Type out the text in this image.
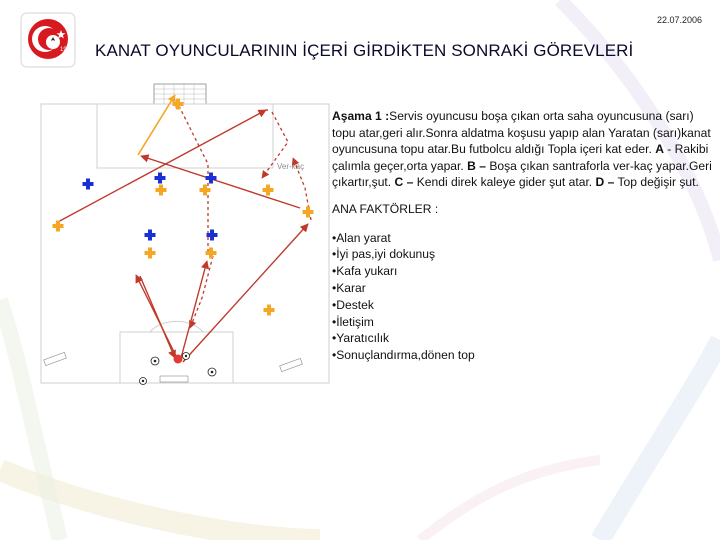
1923
22.07.2006
KANAT OYUNCULARININ İÇERİ GİRDİKTEN SONRAKİ GÖREVLERİ
Ver-kaç

Aşama 1 :Servis oyuncusu boşa çıkan orta saha oyuncusuna (sarı) topu atar,geri alır.Sonra aldatma koşusu yapıp alan Yaratan (sarı)kanat oyuncusuna topu atar.Bu futbolcu aldığı Topla içeri kat eder. A - Rakibi çalımla geçer,orta yapar. B – Boşa çıkan santraforla ver-kaç yapar.Geri çıkartır,şut. C – Kendi direk kaleye gider şut atar. D – Top değişir şut.

ANA FAKTÖRLER :

• Alan yarat
• İyi pas,iyi dokunuş
• Kafa yukarı
• Karar
• Destek
• İletişim
• Yaratıcılık
• Sonuçlandırma,dönen top
